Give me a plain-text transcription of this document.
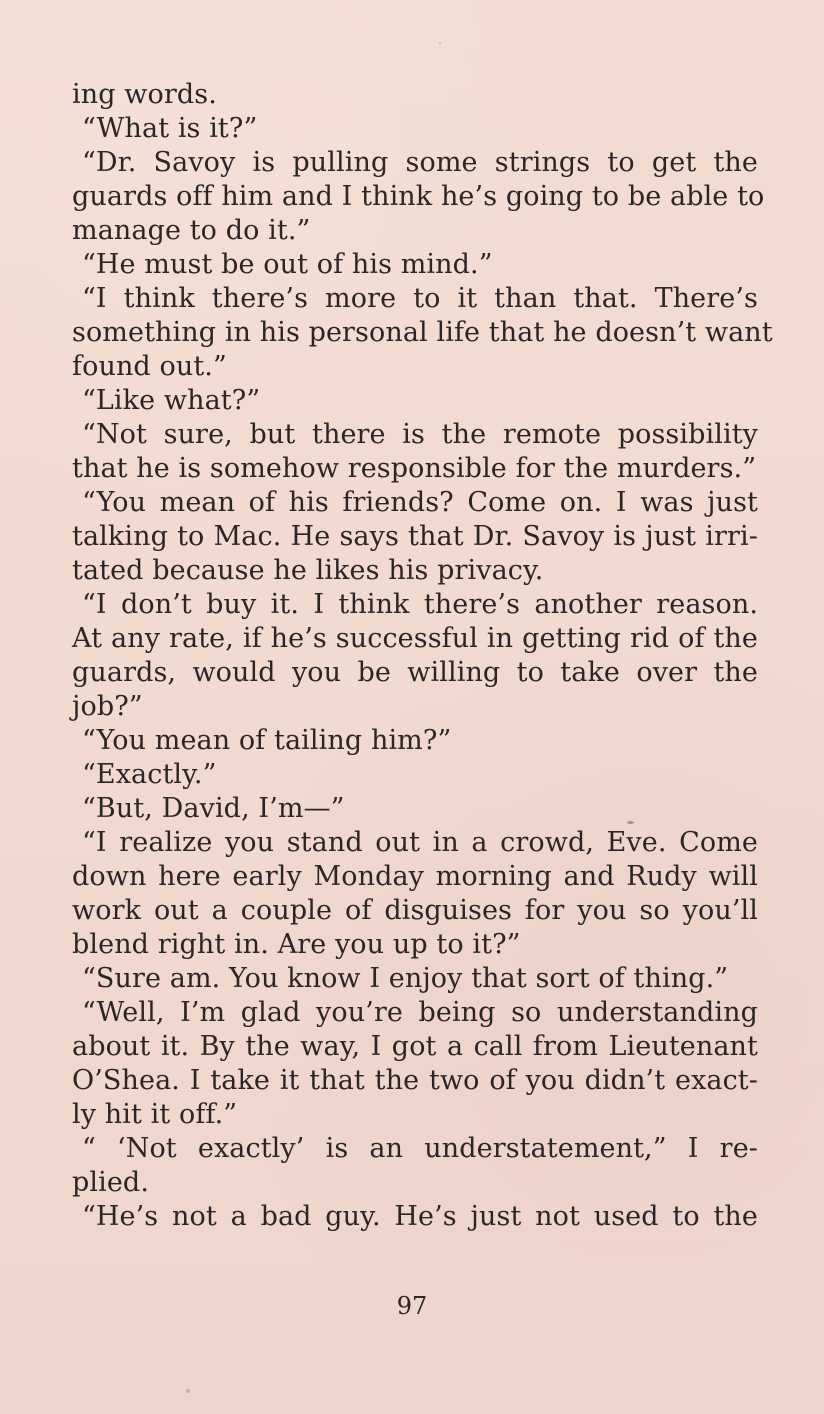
ing words.
“What is it?”
“Dr. Savoy is pulling some strings to get the
guards off him and I think he’s going to be able to
manage to do it.”
“He must be out of his mind.”
“I think there’s more to it than that. There’s
something in his personal life that he doesn’t want
found out.”
“Like what?”
“Not sure, but there is the remote possibility
that he is somehow responsible for the murders.”
“You mean of his friends? Come on. I was just
talking to Mac. He says that Dr. Savoy is just irri-
tated because he likes his privacy.
“I don’t buy it. I think there’s another reason.
At any rate, if he’s successful in getting rid of the
guards, would you be willing to take over the
job?”
“You mean of tailing him?”
“Exactly.”
“But, David, I’m—”
“I realize you stand out in a crowd, Eve. Come
down here early Monday morning and Rudy will
work out a couple of disguises for you so you’ll
blend right in. Are you up to it?”
“Sure am. You know I enjoy that sort of thing.”
“Well, I’m glad you’re being so understanding
about it. By the way, I got a call from Lieutenant
O’Shea. I take it that the two of you didn’t exact-
ly hit it off.”
“ ‘Not exactly’ is an understatement,” I re-
plied.
“He’s not a bad guy. He’s just not used to the
97
